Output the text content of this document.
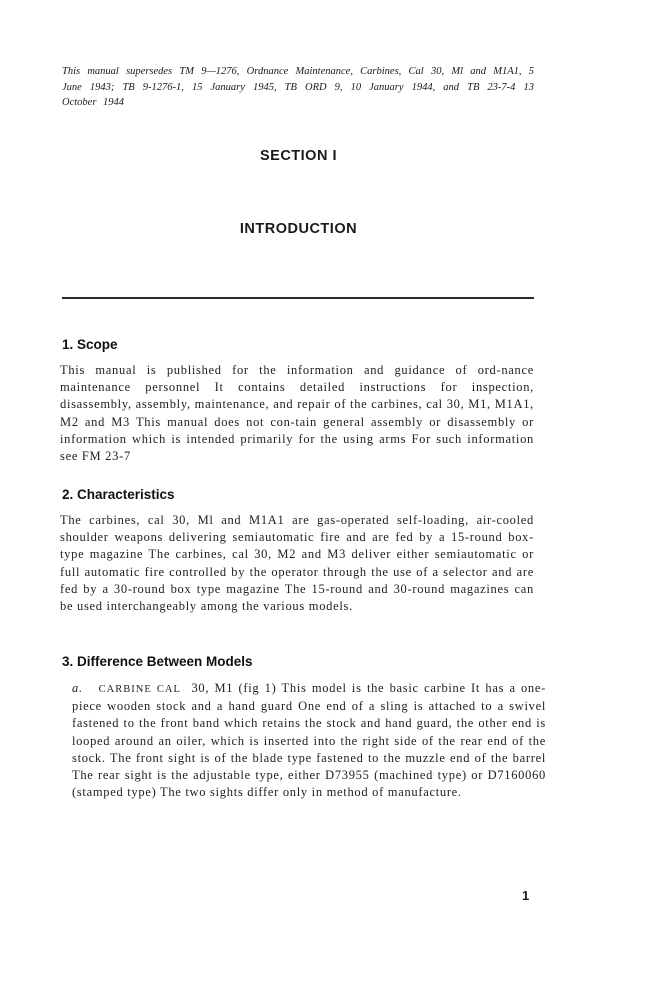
This manual supersedes TM 9—1276, Ordnance Maintenance, Carbines, Cal 30, Ml and M1A1, 5 June 1943; TB 9-1276-1, 15 January 1945, TB ORD 9, 10 January 1944, and TB 23-7-4 13 October 1944

SECTION I
INTRODUCTION
1. Scope

This manual is published for the information and guidance of ord-nance maintenance personnel It contains detailed instructions for inspection, disassembly, assembly, maintenance, and repair of the carbines, cal 30, M1, M1A1, M2 and M3 This manual does not con-tain general assembly or disassembly or information which is intended primarily for the using arms For such information see FM 23-7

2. Characteristics

The carbines, cal 30, Ml and M1A1 are gas-operated self-loading, air-cooled shoulder weapons delivering semiautomatic fire and are fed by a 15-round box-type magazine The carbines, cal 30, M2 and M3 deliver either semiautomatic or full automatic fire controlled by the operator through the use of a selector and are fed by a 30-round box type magazine The 15-round and 30-round magazines can be used interchangeably among the various models.

3. Difference Between Models

a. CARBINE CAL 30, M1 (fig 1) This model is the basic carbine It has a one-piece wooden stock and a hand guard One end of a sling is attached to a swivel fastened to the front band which retains the stock and hand guard, the other end is looped around an oiler, which is inserted into the right side of the rear end of the stock. The front sight is of the blade type fastened to the muzzle end of the barrel The rear sight is the adjustable type, either D73955 (machined type) or D7160060 (stamped type) The two sights differ only in method of manufacture.

1
